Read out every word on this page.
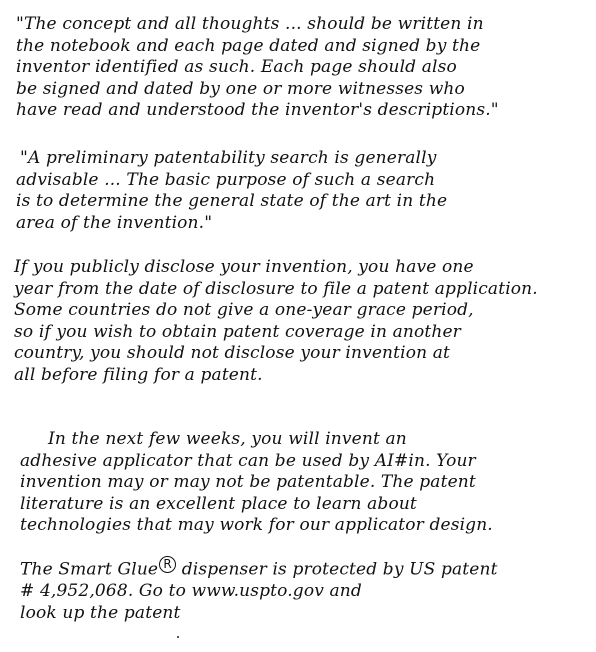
"The concept and all thoughts ... should be written in
the notebook and each page dated and signed by the
inventor identified as such. Each page should also
be signed and dated by one or more witnesses who
have read and understood the inventor's descriptions."
"A preliminary patentability search is generally
advisable ... The basic purpose of such a search
is to determine the general state of the art in the
area of the invention."
If you publicly disclose your invention, you have one
year from the date of disclosure to file a patent application.
Some countries do not give a one-year grace period,
so if you wish to obtain patent coverage in another
country, you should not disclose your invention at
all before filing for a patent.
In the next few weeks, you will invent an
adhesive applicator that can be used by AI#in. Your
invention may or may not be patentable. The patent
literature is an excellent place to learn about
technologies that may work for our applicator design.
The Smart Glue R dispenser is protected by US patent
# 4,952,068. Go to www.uspto.gov and
look up the patent
